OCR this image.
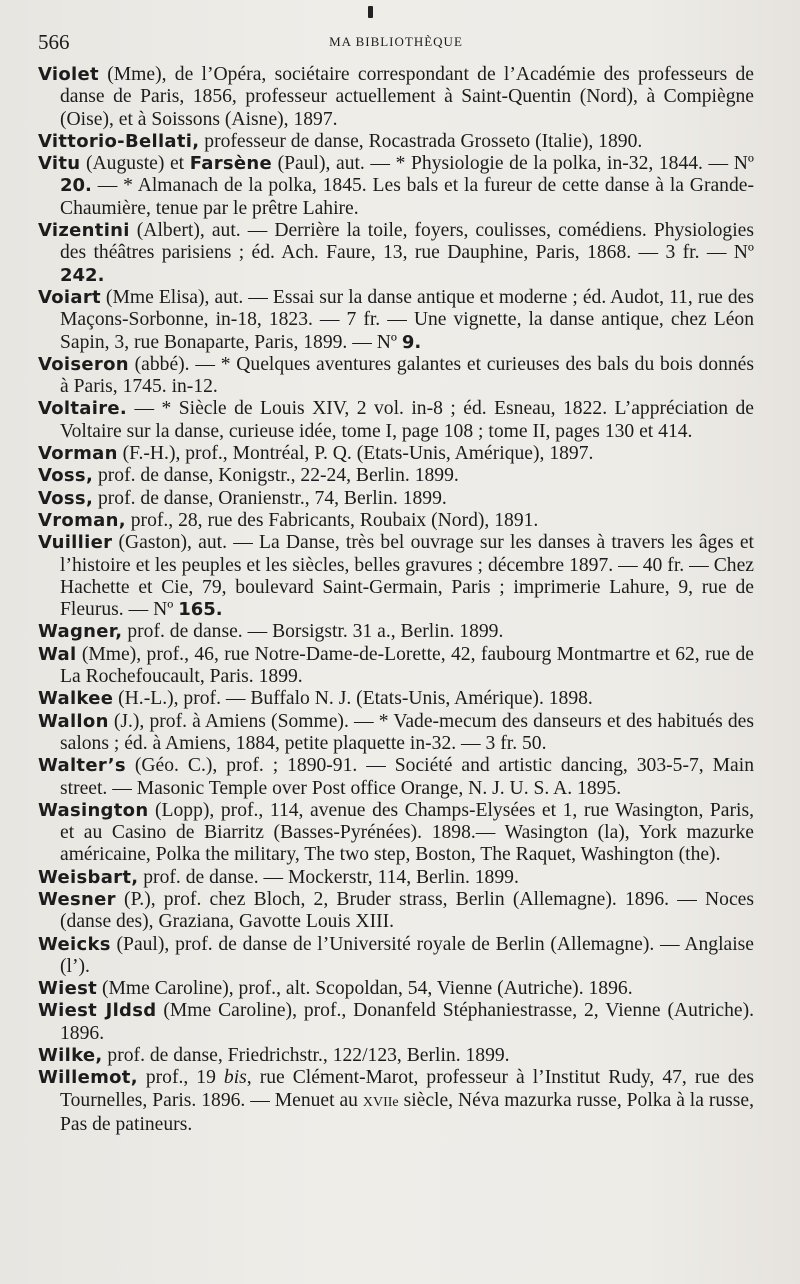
566	MA BIBLIOTHÈQUE

Violet (Mme), de l’Opéra, sociétaire correspondant de l’Académie des professeurs de danse de Paris, 1856, professeur actuellement à Saint-Quentin (Nord), à Compiègne (Oise), et à Soissons (Aisne), 1897.

Vittorio-Bellati, professeur de danse, Rocastrada Grosseto (Italie), 1890.

Vitu (Auguste) et Farsène (Paul), aut. — * Physiologie de la polka, in-32, 1844. — Nº 20. — * Almanach de la polka, 1845. Les bals et la fureur de cette danse à la Grande-Chaumière, tenue par le prêtre Lahire.

Vizentini (Albert), aut. — Derrière la toile, foyers, coulisses, comédiens. Physiologies des théâtres parisiens ; éd. Ach. Faure, 13, rue Dauphine, Paris, 1868. — 3 fr. — Nº 242.

Voiart (Mme Elisa), aut. — Essai sur la danse antique et moderne ; éd. Audot, 11, rue des Maçons-Sorbonne, in-18, 1823. — 7 fr. — Une vignette, la danse antique, chez Léon Sapin, 3, rue Bonaparte, Paris, 1899. — Nº 9.

Voiseron (abbé). — * Quelques aventures galantes et curieuses des bals du bois donnés à Paris, 1745. in-12.

Voltaire. — * Siècle de Louis XIV, 2 vol. in-8 ; éd. Esneau, 1822. L’appréciation de Voltaire sur la danse, curieuse idée, tome I, page 108 ; tome II, pages 130 et 414.

Vorman (F.-H.), prof., Montréal, P. Q. (Etats-Unis, Amérique), 1897.

Voss, prof. de danse, Konigstr., 22-24, Berlin. 1899.

Voss, prof. de danse, Oranienstr., 74, Berlin. 1899.

Vroman, prof., 28, rue des Fabricants, Roubaix (Nord), 1891.

Vuillier (Gaston), aut. — La Danse, très bel ouvrage sur les danses à travers les âges et l’histoire et les peuples et les siècles, belles gravures ; décembre 1897. — 40 fr. — Chez Hachette et Cie, 79, boulevard Saint-Germain, Paris ; imprimerie Lahure, 9, rue de Fleurus. — Nº 165.

Wagner, prof. de danse. — Borsigstr. 31 a., Berlin. 1899.

Wal (Mme), prof., 46, rue Notre-Dame-de-Lorette, 42, faubourg Montmartre et 62, rue de La Rochefoucault, Paris. 1899.

Walkee (H.-L.), prof. — Buffalo N. J. (Etats-Unis, Amérique). 1898.

Wallon (J.), prof. à Amiens (Somme). — * Vade-mecum des danseurs et des habitués des salons ; éd. à Amiens, 1884, petite plaquette in-32. — 3 fr. 50.

Walter’s (Géo. C.), prof. ; 1890-91. — Société and artistic dancing, 303-5-7, Main street. — Masonic Temple over Post office Orange, N. J. U. S. A. 1895.

Wasington (Lopp), prof., 114, avenue des Champs-Elysées et 1, rue Wasington, Paris, et au Casino de Biarritz (Basses-Pyrénées). 1898.— Wasington (la), York mazurke américaine, Polka the military, The two step, Boston, The Raquet, Washington (the).

Weisbart, prof. de danse. — Mockerstr, 114, Berlin. 1899.

Wesner (P.), prof. chez Bloch, 2, Bruder strass, Berlin (Allemagne). 1896. — Noces (danse des), Graziana, Gavotte Louis XIII.

Weicks (Paul), prof. de danse de l’Université royale de Berlin (Allemagne). — Anglaise (l’).

Wiest (Mme Caroline), prof., alt. Scopoldan, 54, Vienne (Autriche). 1896.

Wiest Jldsd (Mme Caroline), prof., Donanfeld Stéphaniestrasse, 2, Vienne (Autriche). 1896.

Wilke, prof. de danse, Friedrichstr., 122/123, Berlin. 1899.

Willemot, prof., 19 bis, rue Clément-Marot, professeur à l’Institut Rudy, 47, rue des Tournelles, Paris. 1896. — Menuet au XVIIe siècle, Néva mazurka russe, Polka à la russe, Pas de patineurs.
